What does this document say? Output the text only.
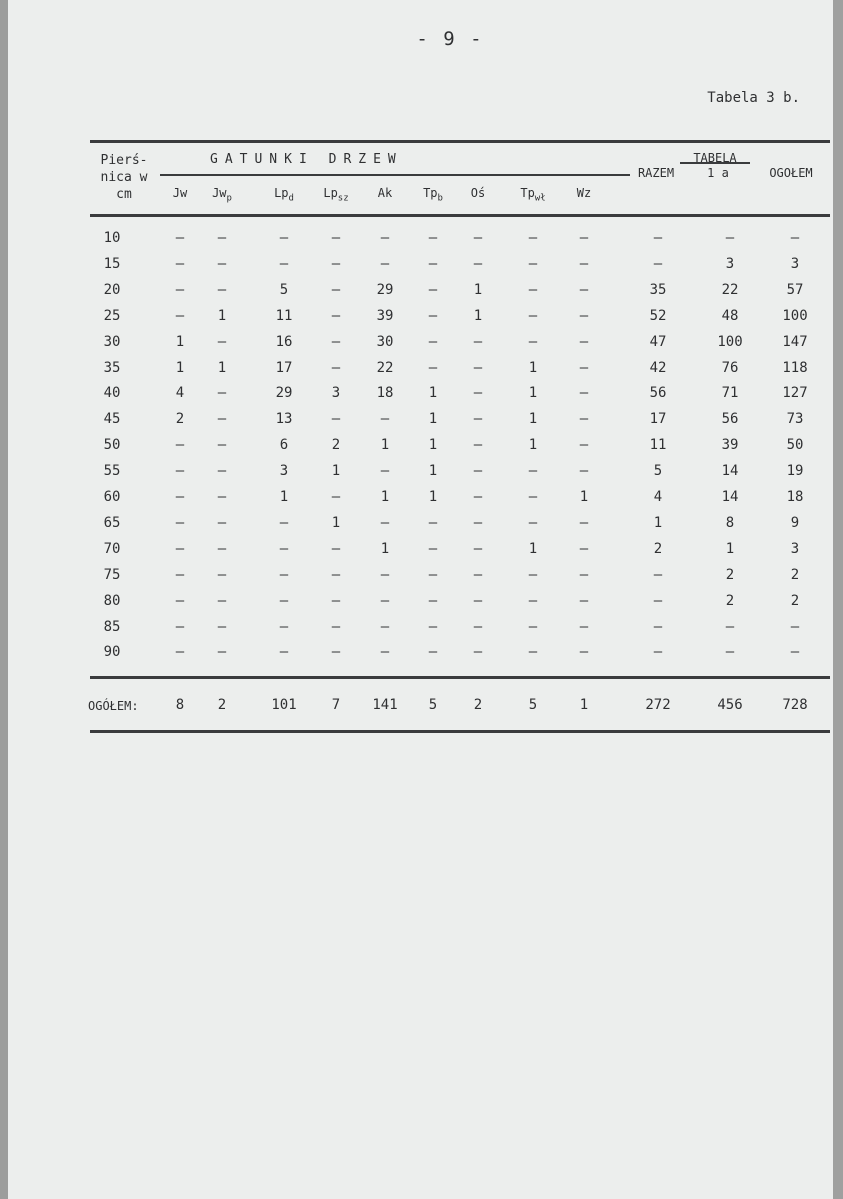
- 9 -
Tabela 3 b.
Pierś-
nica w
cm
GATUNKI DRZEW	TABELA
Jw	$Jw_p$	$Lp_d$	$Lp_{sz}$	Ak	$Tp_b$	Oś	$Tp_{wł}$	Wz
RAZEM	1 a	OGOŁEM
10	–	–	–	–	–	–	–	–	–	–	–	–
15	–	–	–	–	–	–	–	–	–	–	3	3
20	–	–	5	–	29	–	1	–	–	35	22	57
25	–	1	11	–	39	–	1	–	–	52	48	100
30	1	–	16	–	30	–	–	–	–	47	100	147
35	1	1	17	–	22	–	–	1	–	42	76	118
40	4	–	29	3	18	1	–	1	–	56	71	127
45	2	–	13	–	–	1	–	1	–	17	56	73
50	–	–	6	2	1	1	–	1	–	11	39	50
55	–	–	3	1	–	1	–	–	–	5	14	19
60	–	–	1	–	1	1	–	–	1	4	14	18
65	–	–	–	1	–	–	–	–	–	1	8	9
70	–	–	–	–	1	–	–	1	–	2	1	3
75	–	–	–	–	–	–	–	–	–	–	2	2
80	–	–	–	–	–	–	–	–	–	–	2	2
85	–	–	–	–	–	–	–	–	–	–	–	–
90	–	–	–	–	–	–	–	–	–	–	–	–
OGÓŁEM:	8	2	101	7	141	5	2	5	1	272	456	728
